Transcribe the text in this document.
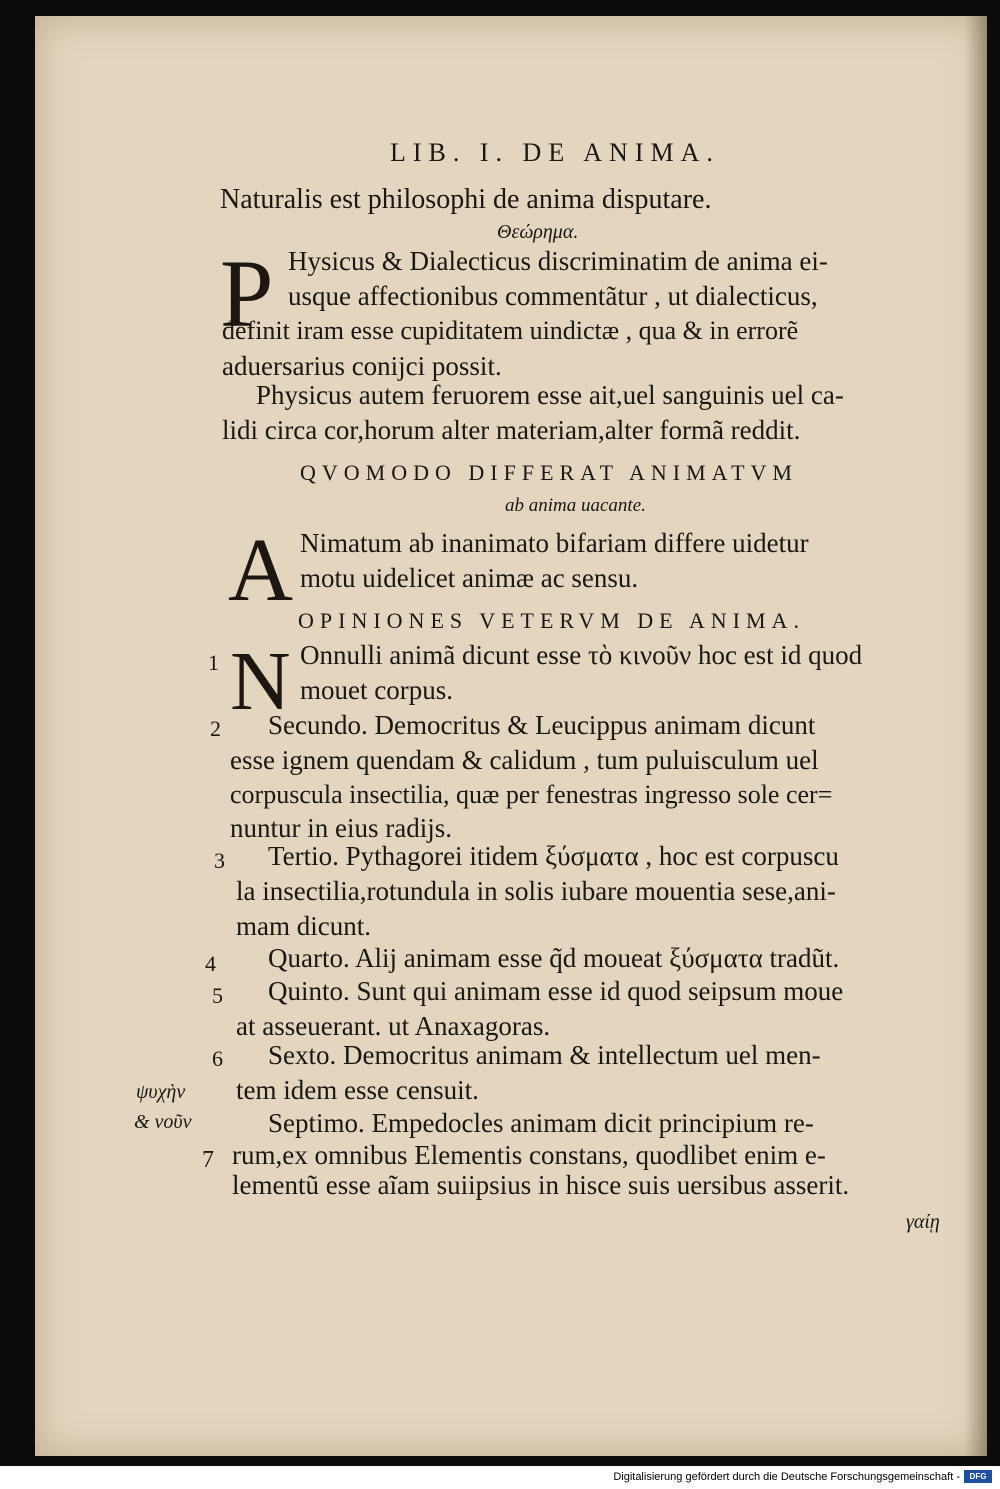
LIB. I. DE ANIMA.
Naturalis est philosophi de anima disputare.
Θεώρημα.
P Hysicus & Dialecticus discriminatim de anima ei-
usque affectionibus commentãtur , ut dialecticus,
definit iram esse cupiditatem uindictæ , qua & in errorẽ
aduersarius conijci possit.
Physicus autem feruorem esse ait,uel sanguinis uel ca-
lidi circa cor,horum alter materiam,alter formã reddit.
QVOMODO DIFFERAT ANIMATVM
ab anima uacante.
A Nimatum ab inanimato bifariam differe uidetur
motu uidelicet animæ ac sensu.
OPINIONES VETERVM DE ANIMA.
N Onnulli animã dicunt esse τὸ κινοῦν hoc est id quod
mouet corpus.
Secundo. Democritus & Leucippus animam dicunt
esse ignem quendam & calidum , tum puluisculum uel
corpuscula insectilia, quæ per fenestras ingresso sole cer=
nuntur in eius radijs.
Tertio. Pythagorei itidem ξύσματα , hoc est corpuscu
la insectilia,rotundula in solis iubare mouentia sese,ani-
mam dicunt.
Quarto. Alij animam esse q̃d moueat ξύσματα tradũt.
Quinto. Sunt qui animam esse id quod seipsum moue
at asseuerant. ut Anaxagoras.
Sexto. Democritus animam & intellectum uel men-
tem idem esse censuit.
Septimo. Empedocles animam dicit principium re-
rum,ex omnibus Elementis constans, quodlibet enim e-
lementũ esse aĩam suiipsius in hisce suis uersibus asserit.
1
2
3
4
5
6
7
ψυχὴν
& νοῦν
γαίῃ
Digitalisierung gefördert durch die Deutsche Forschungsgemeinschaft -	DFG
